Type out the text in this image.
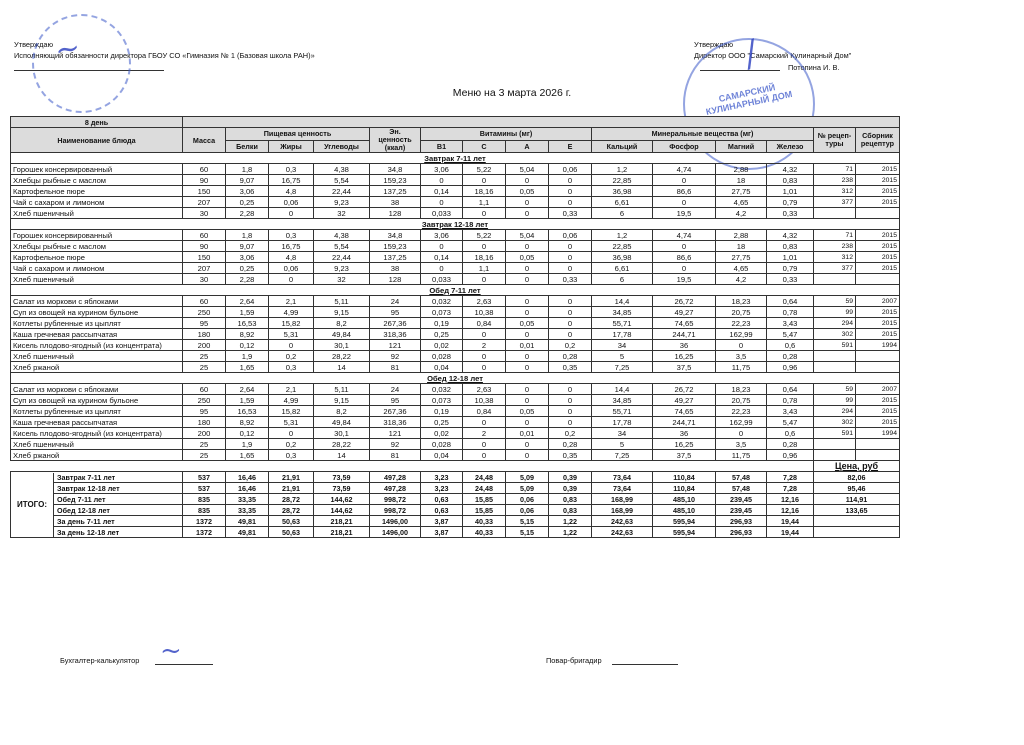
Утверждаю
Исполняющий обязанности директора ГБОУ СО «Гимназия № 1 (Базовая школа РАН)»
Утверждаю
Директор ООО "Самарский Кулинарный Дом"
Потопина И. В.
~
САМАРСКИЙ КУЛИНАРНЫЙ ДОМ
/
Меню на 3 марта 2026 г.
8 день															
Наименование блюда	Масса	Пищевая ценность			Эн. ценность (ккал)	Витамины (мг)				Минеральные вещества (мг)				№ рецеп-туры	Сборник рецептур
		Белки	Жиры	Углеводы		В1	С	А	Е	Кальций	Фосфор	Магний	Железо		
Завтрак 7-11 лет															
Горошек консервированный	60	1,8	0,3	4,38	34,8	3,06	5,22	5,04	0,06	1,2	4,74	2,88	4,32	71	2015
Хлебцы рыбные с маслом	90	9,07	16,75	5,54	159,23	0	0	0	0	22,85	0	18	0,83	238	2015
Картофельное пюре	150	3,06	4,8	22,44	137,25	0,14	18,16	0,05	0	36,98	86,6	27,75	1,01	312	2015
Чай с сахаром и лимоном	207	0,25	0,06	9,23	38	0	1,1	0	0	6,61	0	4,65	0,79	377	2015
Хлеб пшеничный	30	2,28	0	32	128	0,033	0	0	0,33	6	19,5	4,2	0,33		
Завтрак 12-18 лет															
Горошек консервированный	60	1,8	0,3	4,38	34,8	3,06	5,22	5,04	0,06	1,2	4,74	2,88	4,32	71	2015
Хлебцы рыбные с маслом	90	9,07	16,75	5,54	159,23	0	0	0	0	22,85	0	18	0,83	238	2015
Картофельное пюре	150	3,06	4,8	22,44	137,25	0,14	18,16	0,05	0	36,98	86,6	27,75	1,01	312	2015
Чай с сахаром и лимоном	207	0,25	0,06	9,23	38	0	1,1	0	0	6,61	0	4,65	0,79	377	2015
Хлеб пшеничный	30	2,28	0	32	128	0,033	0	0	0,33	6	19,5	4,2	0,33		
Обед 7-11 лет															
Салат из моркови с яблоками	60	2,64	2,1	5,11	24	0,032	2,63	0	0	14,4	26,72	18,23	0,64	59	2007
Суп из овощей на курином бульоне	250	1,59	4,99	9,15	95	0,073	10,38	0	0	34,85	49,27	20,75	0,78	99	2015
Котлеты рубленные из цыплят	95	16,53	15,82	8,2	267,36	0,19	0,84	0,05	0	55,71	74,65	22,23	3,43	294	2015
Каша гречневая рассыпчатая	180	8,92	5,31	49,84	318,36	0,25	0	0	0	17,78	244,71	162,99	5,47	302	2015
Кисель плодово-ягодный (из концентрата)	200	0,12	0	30,1	121	0,02	2	0,01	0,2	34	36	0	0,6	591	1994
Хлеб пшеничный	25	1,9	0,2	28,22	92	0,028	0	0	0,28	5	16,25	3,5	0,28		
Хлеб ржаной	25	1,65	0,3	14	81	0,04	0	0	0,35	7,25	37,5	11,75	0,96		
Обед 12-18 лет															
Салат из моркови с яблоками	60	2,64	2,1	5,11	24	0,032	2,63	0	0	14,4	26,72	18,23	0,64	59	2007
Суп из овощей на курином бульоне	250	1,59	4,99	9,15	95	0,073	10,38	0	0	34,85	49,27	20,75	0,78	99	2015
Котлеты рубленные из цыплят	95	16,53	15,82	8,2	267,36	0,19	0,84	0,05	0	55,71	74,65	22,23	3,43	294	2015
Каша гречневая рассыпчатая	180	8,92	5,31	49,84	318,36	0,25	0	0	0	17,78	244,71	162,99	5,47	302	2015
Кисель плодово-ягодный (из концентрата)	200	0,12	0	30,1	121	0,02	2	0,01	0,2	34	36	0	0,6	591	1994
Хлеб пшеничный	25	1,9	0,2	28,22	92	0,028	0	0	0,28	5	16,25	3,5	0,28		
Хлеб ржаной	25	1,65	0,3	14	81	0,04	0	0	0,35	7,25	37,5	11,75	0,96		
														Цена, руб	
Завтрак 7-11 лет	537	16,46	21,91	73,59	497,28	3,23	24,48	5,09	0,39	73,64	110,84	57,48	7,28	82,06	
Завтрак 12-18 лет	537	16,46	21,91	73,59	497,28	3,23	24,48	5,09	0,39	73,64	110,84	57,48	7,28	95,46	
Обед 7-11 лет	835	33,35	28,72	144,62	998,72	0,63	15,85	0,06	0,83	168,99	485,10	239,45	12,16	114,91	
Обед 12-18 лет	835	33,35	28,72	144,62	998,72	0,63	15,85	0,06	0,83	168,99	485,10	239,45	12,16	133,65	
За день 7-11 лет	1372	49,81	50,63	218,21	1496,00	3,87	40,33	5,15	1,22	242,63	595,94	296,93	19,44		
За день 12-18 лет	1372	49,81	50,63	218,21	1496,00	3,87	40,33	5,15	1,22	242,63	595,94	296,93	19,44		
Бухгалтер-калькулятор ~	Повар-бригадир
ИТОГО:
